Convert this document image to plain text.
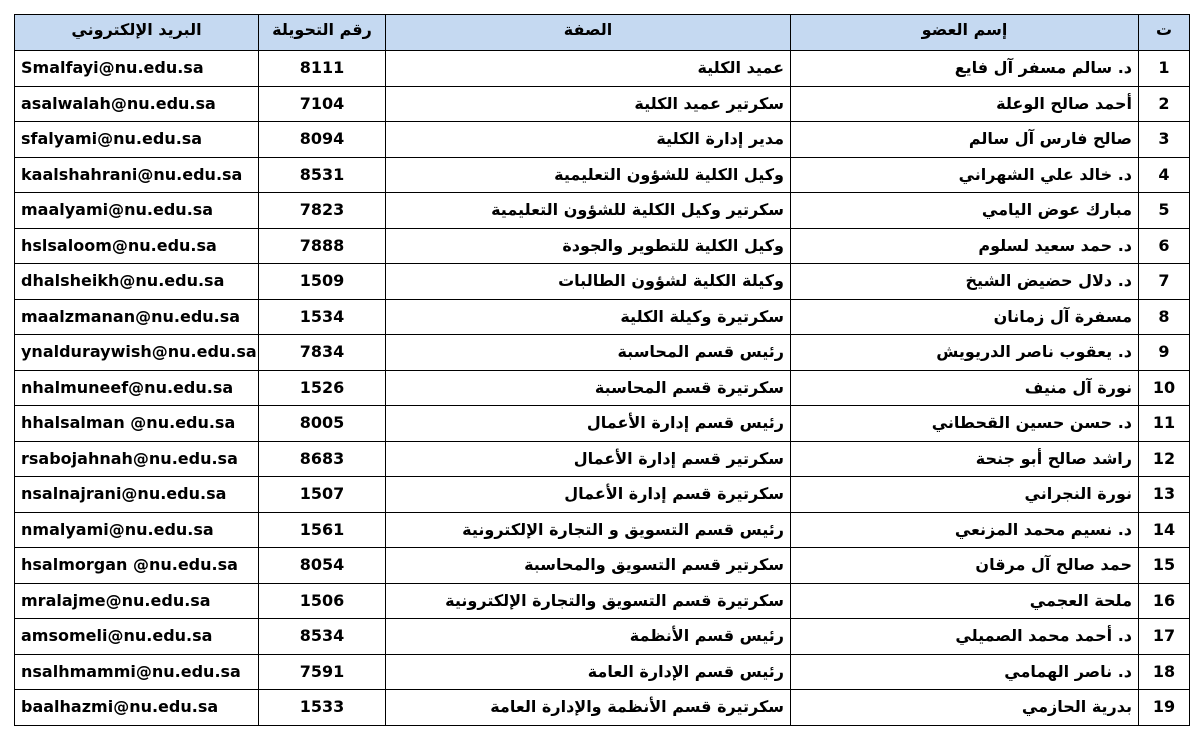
ت	إسم العضو	الصفة	رقم التحويلة	البريد الإلكتروني
1	د. سالم مسفر آل فايع	عميد الكلية	8111	Smalfayi@nu.edu.sa
2	أحمد صالح الوعلة	سكرتير عميد الكلية	7104	asalwalah@nu.edu.sa
3	صالح فارس آل سالم	مدير إدارة الكلية	8094	sfalyami@nu.edu.sa
4	د. خالد علي الشهراني	وكيل الكلية للشؤون التعليمية	8531	kaalshahrani@nu.edu.sa
5	مبارك عوض اليامي	سكرتير وكيل الكلية للشؤون التعليمية	7823	maalyami@nu.edu.sa
6	د. حمد سعيد لسلوم	وكيل الكلية للتطوير والجودة	7888	hslsaloom@nu.edu.sa
7	د. دلال حضيض الشيخ	وكيلة الكلية لشؤون الطالبات	1509	dhalsheikh@nu.edu.sa
8	مسفرة آل زمانان	سكرتيرة وكيلة الكلية	1534	maalzmanan@nu.edu.sa
9	د. يعقوب ناصر الدريويش	رئيس قسم المحاسبة	7834	ynalduraywish@nu.edu.sa
10	نورة آل منيف	سكرتيرة قسم المحاسبة	1526	nhalmuneef@nu.edu.sa
11	د. حسن حسين القحطاني	رئيس قسم إدارة الأعمال	8005	hhalsalman @nu.edu.sa
12	راشد صالح أبو جنحة	سكرتير قسم إدارة الأعمال	8683	rsabojahnah@nu.edu.sa
13	نورة النجراني	سكرتيرة قسم إدارة الأعمال	1507	nsalnajrani@nu.edu.sa
14	د. نسيم محمد المزنعي	رئيس قسم التسويق و التجارة الإلكترونية	1561	nmalyami@nu.edu.sa
15	حمد صالح آل مرقان	سكرتير قسم التسويق والمحاسبة	8054	hsalmorgan @nu.edu.sa
16	ملحة العجمي	سكرتيرة قسم التسويق والتجارة الإلكترونية	1506	mralajme@nu.edu.sa
17	د. أحمد محمد الصميلي	رئيس قسم الأنظمة	8534	amsomeli@nu.edu.sa
18	د. ناصر الهمامي	رئيس قسم الإدارة العامة	7591	nsalhmammi@nu.edu.sa
19	بدرية الحازمي	سكرتيرة قسم الأنظمة والإدارة العامة	1533	baalhazmi@nu.edu.sa
